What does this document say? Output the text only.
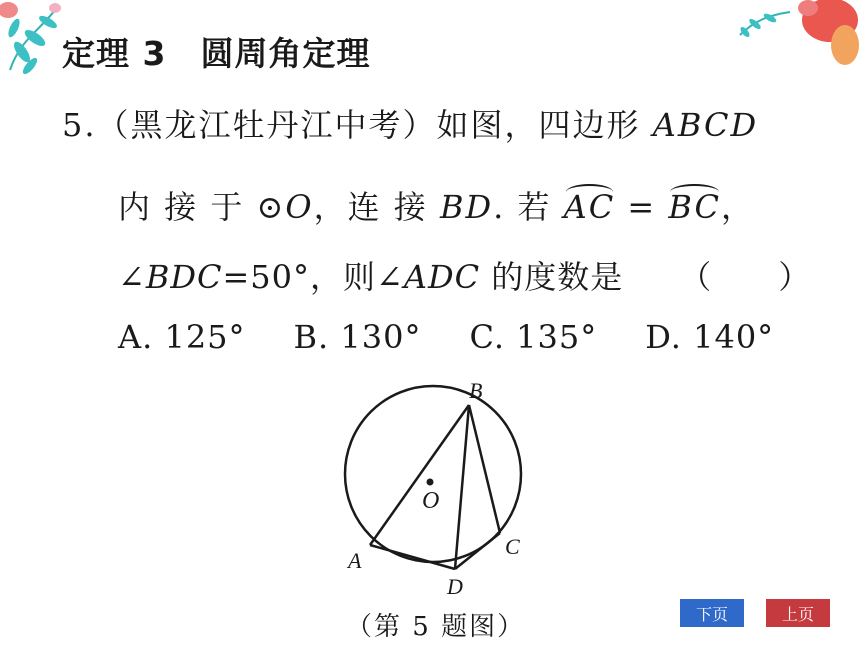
定理 3 圆周角定理
5.（黑龙江牡丹江中考）如图，四边形 ABCD
内 接 于 ⊙O，连 接 BD. 若 AC = BC，
∠BDC=50°，则∠ADC 的度数是 （　　）
A. 125° B. 130° C. 135° D. 140°
B
O
A
D
C
（第 5 题图）	下页	上页
